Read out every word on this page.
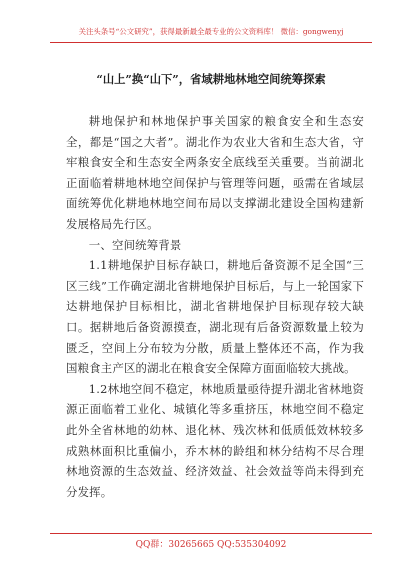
关注头条号“公文研究”，获得最新最全最专业的公文资料库！ 微信：gongwenyj
“山上”换“山下”，省域耕地林地空间统筹探索

耕地保护和林地保护事关国家的粮食安全和生态安全，都是“国之大者”。湖北作为农业大省和生态大省，守牢粮食安全和生态安全两条安全底线至关重要。当前湖北正面临着耕地林地空间保护与管理等问题，亟需在省域层面统筹优化耕地林地空间布局以支撑湖北建设全国构建新发展格局先行区。

一、空间统筹背景

1.1耕地保护目标存缺口，耕地后备资源不足全国“三区三线”工作确定湖北省耕地保护目标后，与上一轮国家下达耕地保护目标相比，湖北省耕地保护目标现存较大缺口。据耕地后备资源摸查，湖北现有后备资源数量上较为匮乏，空间上分布较为分散，质量上整体还不高，作为我国粮食主产区的湖北在粮食安全保障方面面临较大挑战。

1.2林地空间不稳定，林地质量亟待提升湖北省林地资源正面临着工业化、城镇化等多重挤压，林地空间不稳定此外全省林地的幼林、退化林、残次林和低质低效林较多成熟林面积比重偏小，乔木林的龄组和林分结构不尽合理林地资源的生态效益、经济效益、社会效益等尚未得到充分发挥。

QQ群：30265665 QQ:535304092
